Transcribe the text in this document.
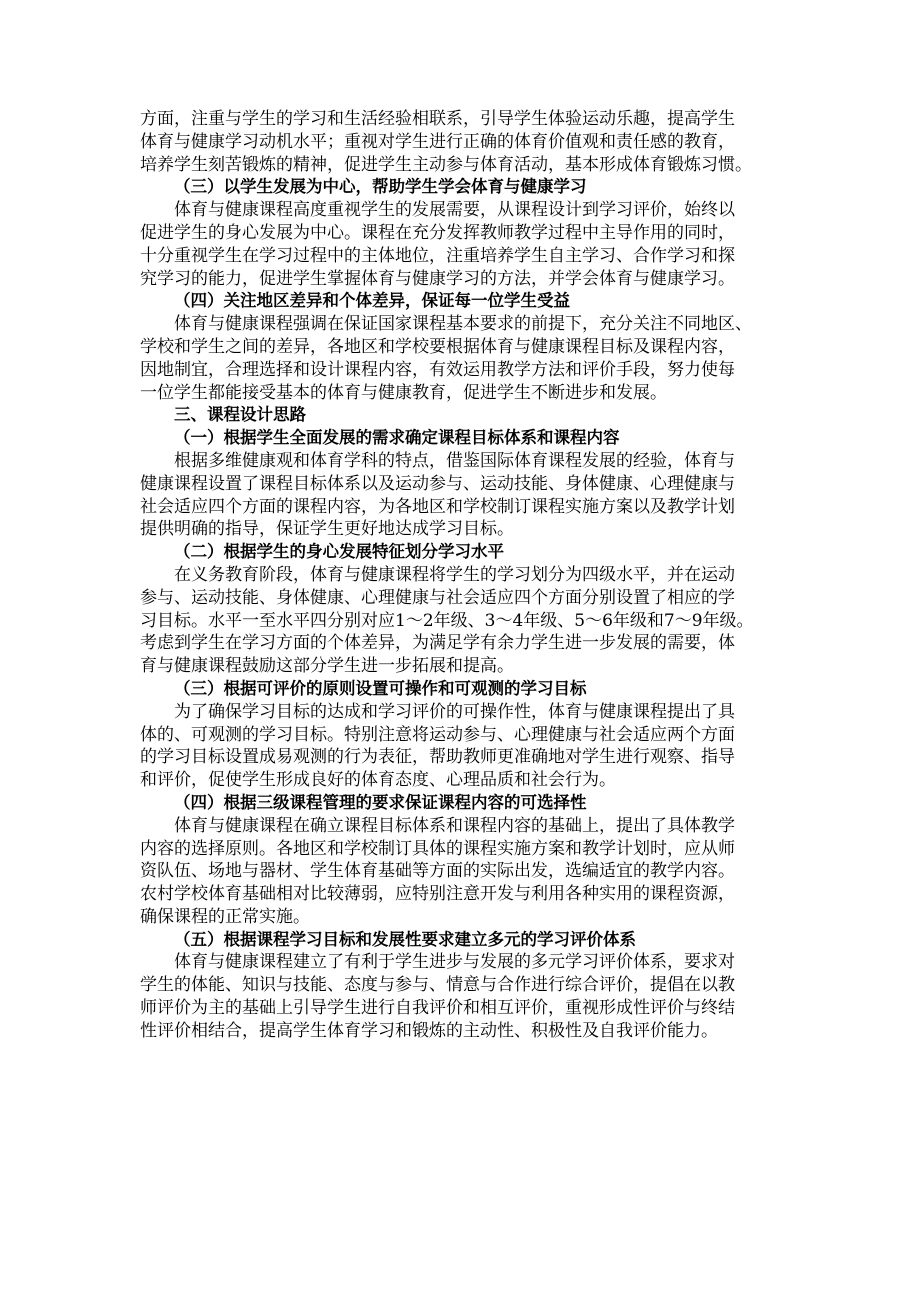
方面，注重与学生的学习和生活经验相联系，引导学生体验运动乐趣，提高学生
体育与健康学习动机水平；重视对学生进行正确的体育价值观和责任感的教育，
培养学生刻苦锻炼的精神，促进学生主动参与体育活动，基本形成体育锻炼习惯。
（三）以学生发展为中心，帮助学生学会体育与健康学习
体育与健康课程高度重视学生的发展需要，从课程设计到学习评价，始终以
促进学生的身心发展为中心。课程在充分发挥教师教学过程中主导作用的同时，
十分重视学生在学习过程中的主体地位，注重培养学生自主学习、合作学习和探
究学习的能力，促进学生掌握体育与健康学习的方法，并学会体育与健康学习。
（四）关注地区差异和个体差异，保证每一位学生受益
体育与健康课程强调在保证国家课程基本要求的前提下，充分关注不同地区、
学校和学生之间的差异，各地区和学校要根据体育与健康课程目标及课程内容，
因地制宜，合理选择和设计课程内容，有效运用教学方法和评价手段，努力使每
一位学生都能接受基本的体育与健康教育，促进学生不断进步和发展。
三、课程设计思路
（一）根据学生全面发展的需求确定课程目标体系和课程内容
根据多维健康观和体育学科的特点，借鉴国际体育课程发展的经验，体育与
健康课程设置了课程目标体系以及运动参与、运动技能、身体健康、心理健康与
社会适应四个方面的课程内容，为各地区和学校制订课程实施方案以及教学计划
提供明确的指导，保证学生更好地达成学习目标。
（二）根据学生的身心发展特征划分学习水平
在义务教育阶段，体育与健康课程将学生的学习划分为四级水平，并在运动
参与、运动技能、身体健康、心理健康与社会适应四个方面分别设置了相应的学
习目标。水平一至水平四分别对应1～2年级、3～4年级、5～6年级和7～9年级。
考虑到学生在学习方面的个体差异，为满足学有余力学生进一步发展的需要，体
育与健康课程鼓励这部分学生进一步拓展和提高。
（三）根据可评价的原则设置可操作和可观测的学习目标
为了确保学习目标的达成和学习评价的可操作性，体育与健康课程提出了具
体的、可观测的学习目标。特别注意将运动参与、心理健康与社会适应两个方面
的学习目标设置成易观测的行为表征，帮助教师更准确地对学生进行观察、指导
和评价，促使学生形成良好的体育态度、心理品质和社会行为。
（四）根据三级课程管理的要求保证课程内容的可选择性
体育与健康课程在确立课程目标体系和课程内容的基础上，提出了具体教学
内容的选择原则。各地区和学校制订具体的课程实施方案和教学计划时，应从师
资队伍、场地与器材、学生体育基础等方面的实际出发，选编适宜的教学内容。
农村学校体育基础相对比较薄弱，应特别注意开发与利用各种实用的课程资源，
确保课程的正常实施。
（五）根据课程学习目标和发展性要求建立多元的学习评价体系
体育与健康课程建立了有利于学生进步与发展的多元学习评价体系，要求对
学生的体能、知识与技能、态度与参与、情意与合作进行综合评价，提倡在以教
师评价为主的基础上引导学生进行自我评价和相互评价，重视形成性评价与终结
性评价相结合，提高学生体育学习和锻炼的主动性、积极性及自我评价能力。
